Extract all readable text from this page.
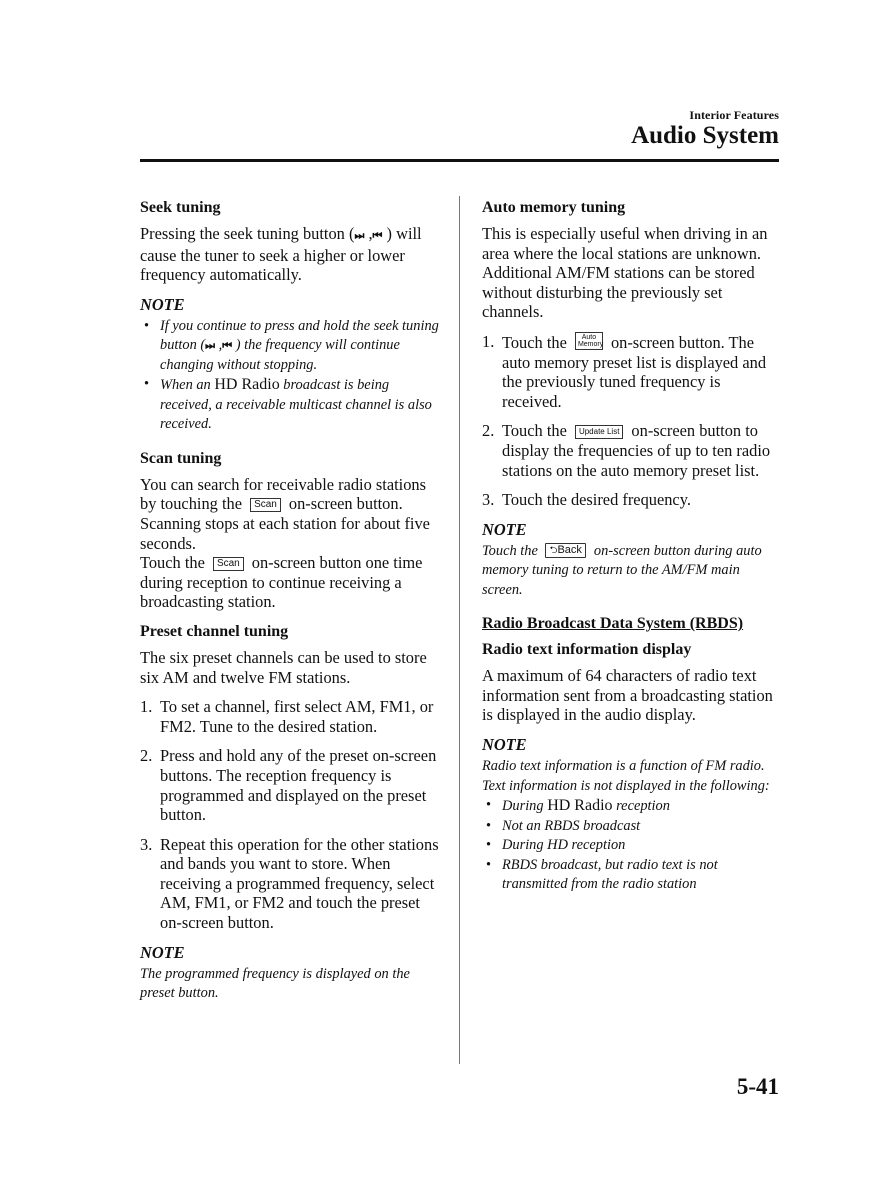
Interior Features
Audio System
Seek tuning
Pressing the seek tuning button (⏭ ,⏮ ) will cause the tuner to seek a higher or lower frequency automatically.
NOTE
• If you continue to press and hold the seek tuning button (⏭ ,⏮ ) the frequency will continue changing without stopping.
• When an HD Radio broadcast is being received, a receivable multicast channel is also received.
Scan tuning
You can search for receivable radio stations by touching the Scan on-screen button.
Scanning stops at each station for about five seconds.
Touch the Scan on-screen button one time during reception to continue receiving a broadcasting station.
Preset channel tuning
The six preset channels can be used to store six AM and twelve FM stations.
1. To set a channel, first select AM, FM1, or FM2. Tune to the desired station.
2. Press and hold any of the preset on-screen buttons. The reception frequency is programmed and displayed on the preset button.
3. Repeat this operation for the other stations and bands you want to store. When receiving a programmed frequency, select AM, FM1, or FM2 and touch the preset on-screen button.
NOTE
The programmed frequency is displayed on the preset button.
Auto memory tuning
This is especially useful when driving in an area where the local stations are unknown. Additional AM/FM stations can be stored without disturbing the previously set channels.
1. Touch the Auto
Memory on-screen button. The auto memory preset list is displayed and the previously tuned frequency is received.
2. Touch the Update List on-screen button to display the frequencies of up to ten radio stations on the auto memory preset list.
3. Touch the desired frequency.
NOTE
Touch the ⮌Back on-screen button during auto memory tuning to return to the AM/FM main screen.
Radio Broadcast Data System (RBDS)
Radio text information display
A maximum of 64 characters of radio text information sent from a broadcasting station is displayed in the audio display.
NOTE
Radio text information is a function of FM radio. Text information is not displayed in the following:
• During HD Radio reception
• Not an RBDS broadcast
• During HD reception
• RBDS broadcast, but radio text is not transmitted from the radio station
5-41
